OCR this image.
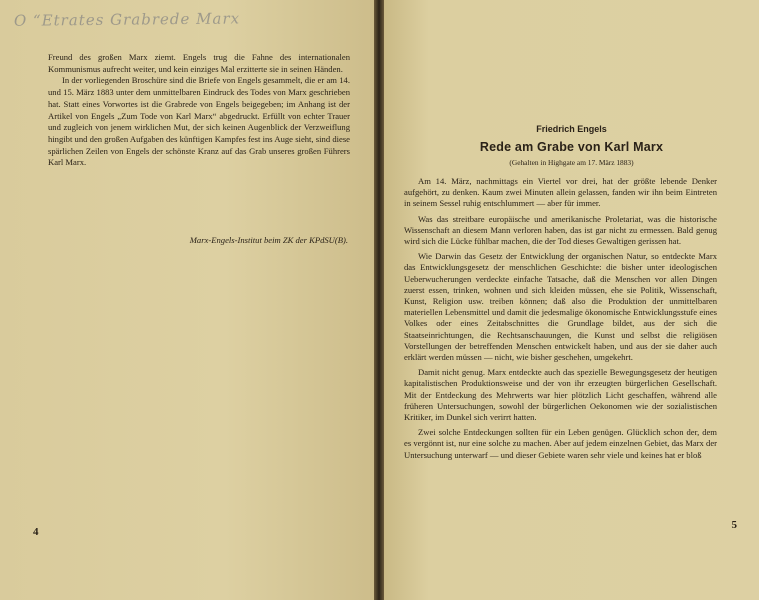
O “Etrates Grabrede Marx

Freund des großen Marx ziemt. Engels trug die Fahne des internationalen Kommunismus aufrecht weiter, und kein einziges Mal erzitterte sie in seinen Händen.

In der vorliegenden Broschüre sind die Briefe von Engels gesammelt, die er am 14. und 15. März 1883 unter dem unmittelbaren Eindruck des Todes von Marx geschrieben hat. Statt eines Vorwortes ist die Grabrede von Engels beigegeben; im Anhang ist der Artikel von Engels „Zum Tode von Karl Marx“ abgedruckt. Erfüllt von echter Trauer und zugleich von jenem wirklichen Mut, der sich keinen Augenblick der Verzweiflung hingibt und den großen Aufgaben des künftigen Kampfes fest ins Auge sieht, sind diese spärlichen Zeilen von Engels der schönste Kranz auf das Grab unseres großen Führers Karl Marx.

Marx-Engels-Institut beim ZK der KPdSU(B).
4
Friedrich Engels
Rede am Grabe von Karl Marx
(Gehalten in Highgate am 17. März 1883)

Am 14. März, nachmittags ein Viertel vor drei, hat der größte lebende Denker aufgehört, zu denken. Kaum zwei Minuten allein gelassen, fanden wir ihn beim Eintreten in seinem Sessel ruhig entschlummert — aber für immer.

Was das streitbare europäische und amerikanische Proletariat, was die historische Wissenschaft an diesem Mann verloren haben, das ist gar nicht zu ermessen. Bald genug wird sich die Lücke fühlbar machen, die der Tod dieses Gewaltigen gerissen hat.

Wie Darwin das Gesetz der Entwicklung der organischen Natur, so entdeckte Marx das Entwicklungsgesetz der menschlichen Geschichte: die bisher unter ideologischen Ueberwucherungen verdeckte einfache Tatsache, daß die Menschen vor allen Dingen zuerst essen, trinken, wohnen und sich kleiden müssen, ehe sie Politik, Wissenschaft, Kunst, Religion usw. treiben können; daß also die Produktion der unmittelbaren materiellen Lebensmittel und damit die jedesmalige ökonomische Entwicklungsstufe eines Volkes oder eines Zeitabschnittes die Grundlage bildet, aus der sich die Staatseinrichtungen, die Rechtsanschauungen, die Kunst und selbst die religiösen Vorstellungen der betreffenden Menschen entwickelt haben, und aus der sie daher auch erklärt werden müssen — nicht, wie bisher geschehen, umgekehrt.

Damit nicht genug. Marx entdeckte auch das spezielle Bewegungsgesetz der heutigen kapitalistischen Produktionsweise und der von ihr erzeugten bürgerlichen Gesellschaft. Mit der Entdeckung des Mehrwerts war hier plötzlich Licht geschaffen, während alle früheren Untersuchungen, sowohl der bürgerlichen Oekonomen wie der sozialistischen Kritiker, im Dunkel sich verirrt hatten.

Zwei solche Entdeckungen sollten für ein Leben genügen. Glücklich schon der, dem es vergönnt ist, nur eine solche zu machen. Aber auf jedem einzelnen Gebiet, das Marx der Untersuchung unterwarf — und dieser Gebiete waren sehr viele und keines hat er bloß

5
